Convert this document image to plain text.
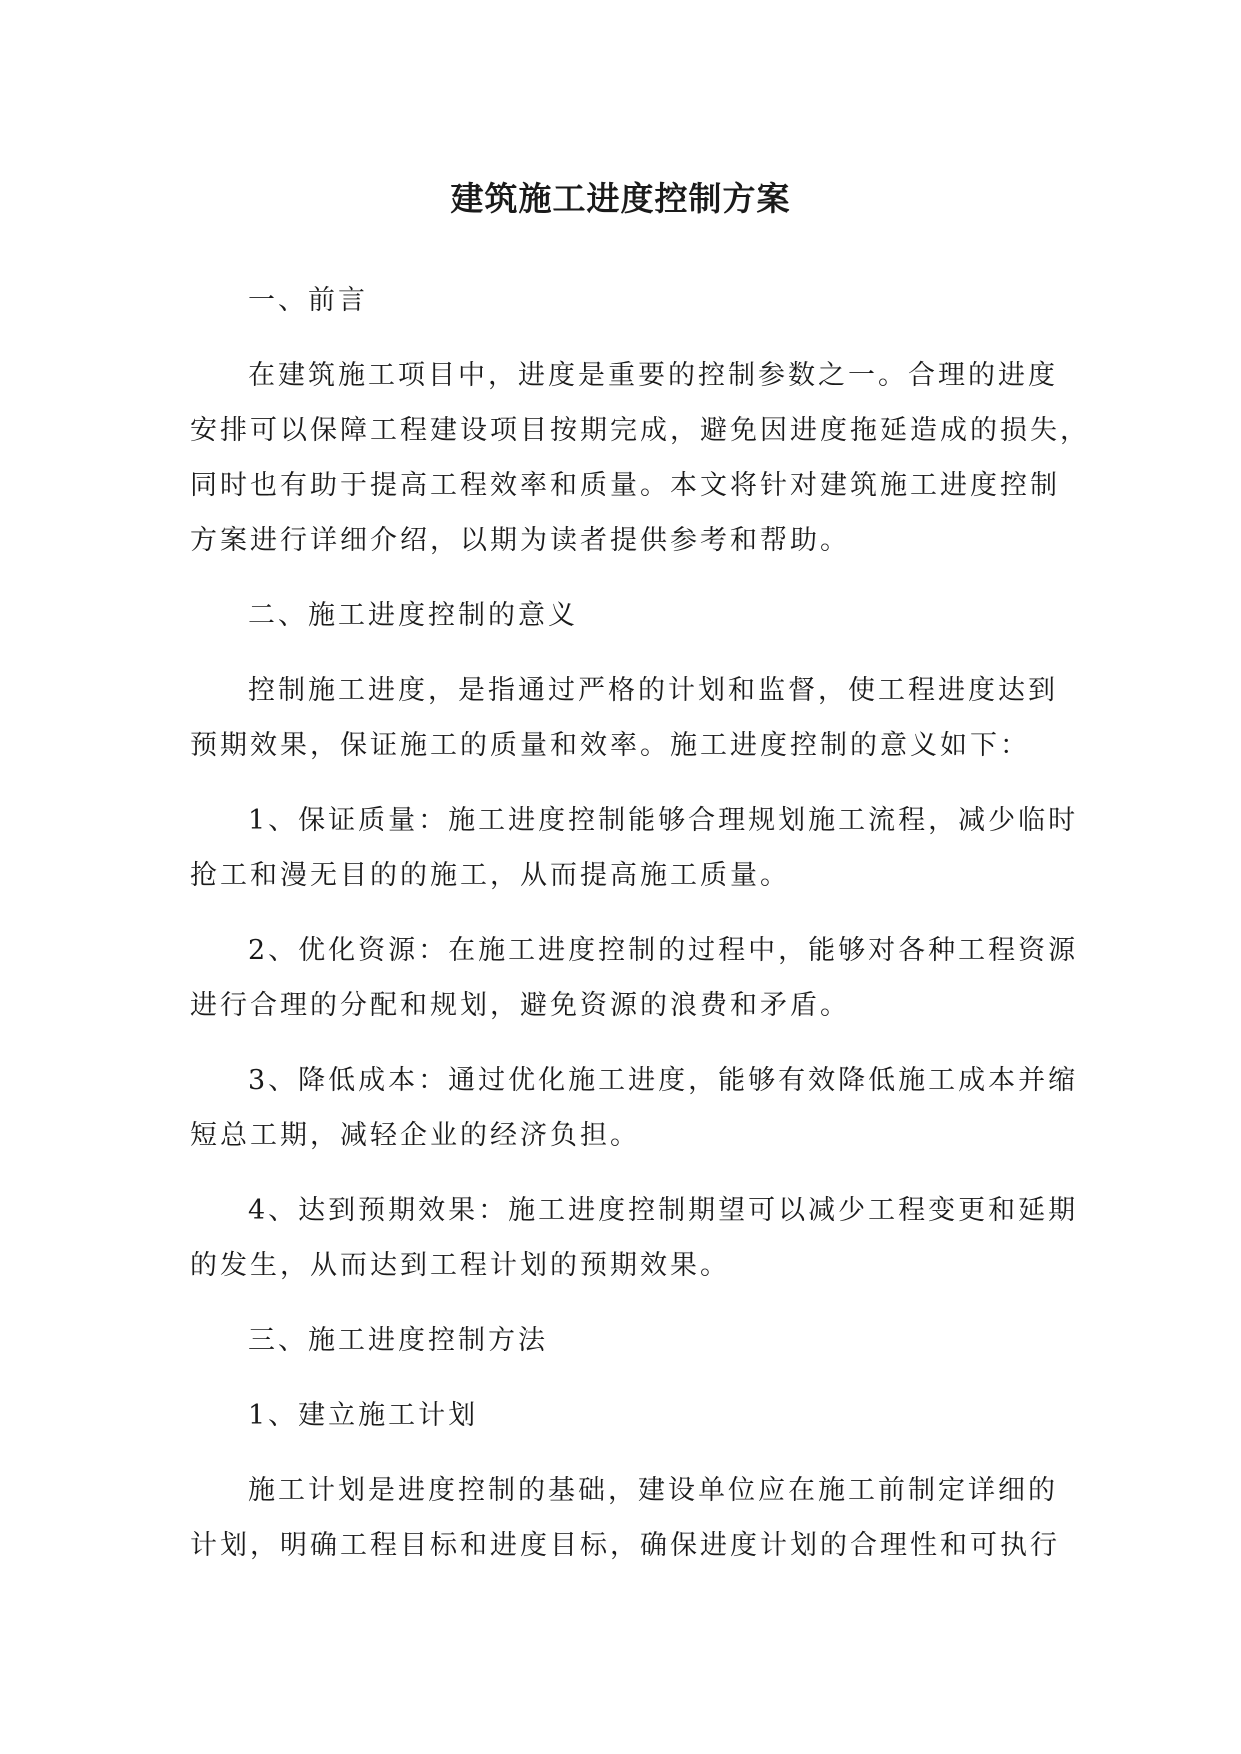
建筑施工进度控制方案
一、前言
在建筑施工项目中，进度是重要的控制参数之一。合理的进度
安排可以保障工程建设项目按期完成，避免因进度拖延造成的损失，
同时也有助于提高工程效率和质量。本文将针对建筑施工进度控制
方案进行详细介绍，以期为读者提供参考和帮助。
二、施工进度控制的意义
控制施工进度，是指通过严格的计划和监督，使工程进度达到
预期效果，保证施工的质量和效率。施工进度控制的意义如下：
1、保证质量：施工进度控制能够合理规划施工流程，减少临时
抢工和漫无目的的施工，从而提高施工质量。
2、优化资源：在施工进度控制的过程中，能够对各种工程资源
进行合理的分配和规划，避免资源的浪费和矛盾。
3、降低成本：通过优化施工进度，能够有效降低施工成本并缩
短总工期，减轻企业的经济负担。
4、达到预期效果：施工进度控制期望可以减少工程变更和延期
的发生，从而达到工程计划的预期效果。
三、施工进度控制方法
1、建立施工计划
施工计划是进度控制的基础，建设单位应在施工前制定详细的
计划，明确工程目标和进度目标，确保进度计划的合理性和可执行
